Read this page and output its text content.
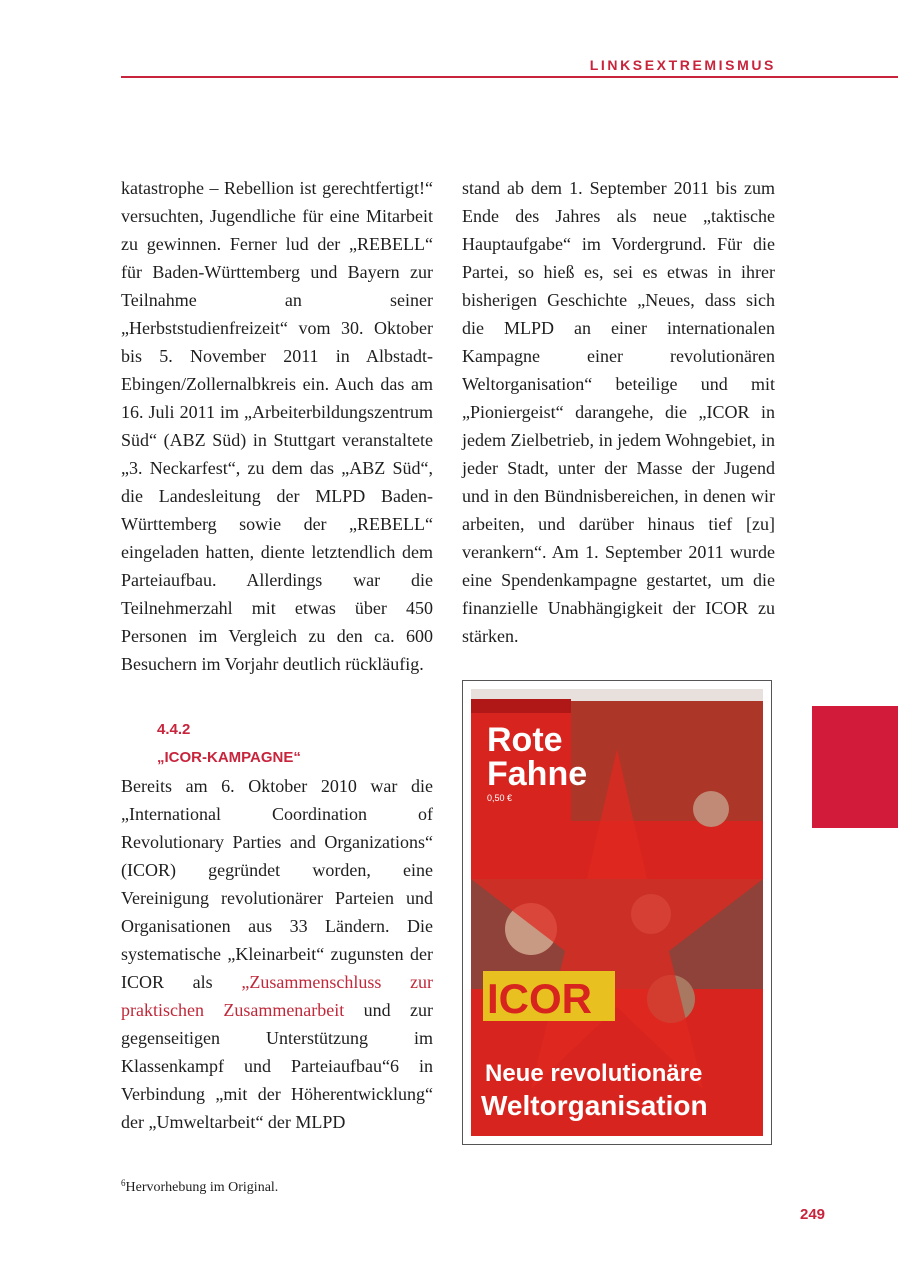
LINKSEXTREMISMUS

katastrophe – Rebellion ist gerechtfertigt!“ versuchten, Jugendliche für eine Mitarbeit zu gewinnen. Ferner lud der „REBELL“ für Baden-Württemberg und Bayern zur Teilnahme an seiner „Herbststudienfreizeit“ vom 30. Oktober bis 5. November 2011 in Albstadt-Ebingen/Zollernalbkreis ein. Auch das am 16. Juli 2011 im „Arbeiterbildungszentrum Süd“ (ABZ Süd) in Stuttgart veranstaltete „3. Neckarfest“, zu dem das „ABZ Süd“, die Landesleitung der MLPD Baden-Württemberg sowie der „REBELL“ eingeladen hatten, diente letztendlich dem Parteiaufbau. Allerdings war die Teilnehmerzahl mit etwas über 450 Personen im Vergleich zu den ca. 600 Besuchern im Vorjahr deutlich rückläufig.

4.4.2
„ICOR-KAMPAGNE“

Bereits am 6. Oktober 2010 war die „International Coordination of Revolutionary Parties and Organizations“ (ICOR) gegründet worden, eine Vereinigung revolutionärer Parteien und Organisationen aus 33 Ländern. Die systematische „Kleinarbeit“ zugunsten der ICOR als „Zusammenschluss zur praktischen Zusammenarbeit und zur gegenseitigen Unterstützung im Klassenkampf und Parteiaufbau“6 in Verbindung „mit der Höherentwicklung“ der „Umweltarbeit“ der MLPD

stand ab dem 1. September 2011 bis zum Ende des Jahres als neue „taktische Hauptaufgabe“ im Vordergrund. Für die Partei, so hieß es, sei es etwas in ihrer bisherigen Geschichte „Neues, dass sich die MLPD an einer internationalen Kampagne einer revolutionären Weltorganisation“ beteilige und mit „Pioniergeist“ darangehe, die „ICOR in jedem Zielbetrieb, in jedem Wohngebiet, in jeder Stadt, unter der Masse der Jugend und in den Bündnisbereichen, in denen wir arbeiten, und darüber hinaus tief [zu] verankern“. Am 1. September 2011 wurde eine Spendenkampagne gestartet, um die finanzielle Unabhängigkeit der ICOR zu stärken.

Rote
Fahne
0,50 €
ICOR
Neue revolutionäre
Weltorganisation
$^6$Hervorhebung im Original.
249
